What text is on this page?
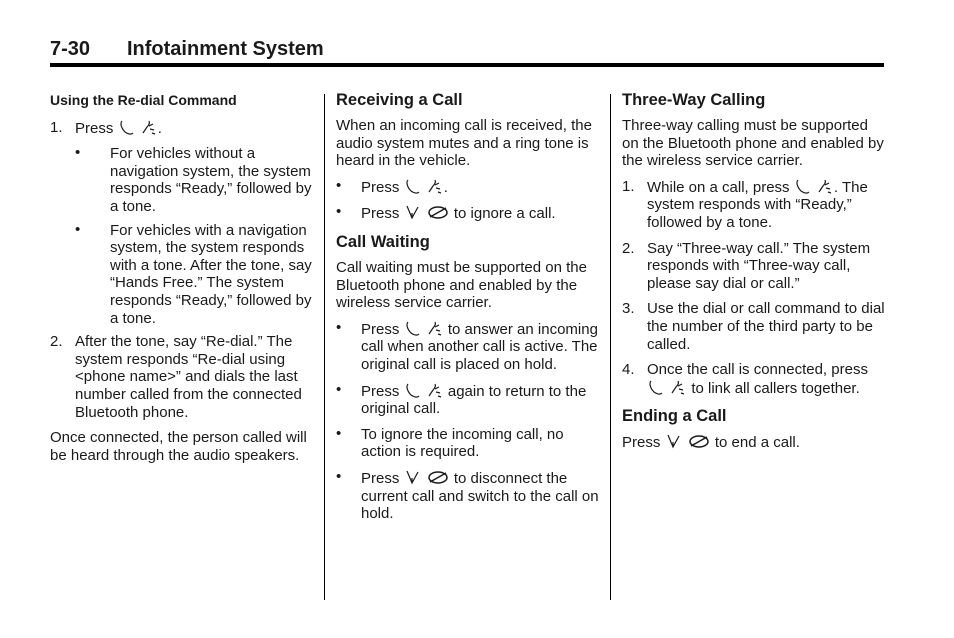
7-30 Infotainment System
Using the Re-dial Command
1. Press
	.
• For vehicles without a navigation system, the system responds “Ready,” followed by a tone.
• For vehicles with a navigation system, the system responds with a tone. After the tone, say “Hands Free.” The system responds “Ready,” followed by a tone.
2. After the tone, say “Re-dial.” The system responds “Re-dial using <phone name>” and dials the last number called from the connected Bluetooth phone.

Once connected, the person called will be heard through the audio speakers.

Receiving a Call

When an incoming call is received, the audio system mutes and a ring tone is heard in the vehicle.

• Press
	.
• Press
	to ignore a call.
Call Waiting

Call waiting must be supported on the Bluetooth phone and enabled by the wireless service carrier.

• Press
	to answer an incoming call when another call is active. The original call is placed on hold.
• Press
	again to return to the original call.
• To ignore the incoming call, no action is required.
• Press
	to disconnect the current call and switch to the call on hold.
Three-Way Calling

Three-way calling must be supported on the Bluetooth phone and enabled by the wireless service carrier.

1. While on a call, press
	. The system responds with “Ready,” followed by a tone.
2. Say “Three-way call.” The system responds with “Three-way call, please say dial or call.”
3. Use the dial or call command to dial the number of the third party to be called.
4. Once the call is connected, press

to link all callers together.
Ending a Call

Press
	to end a call.
